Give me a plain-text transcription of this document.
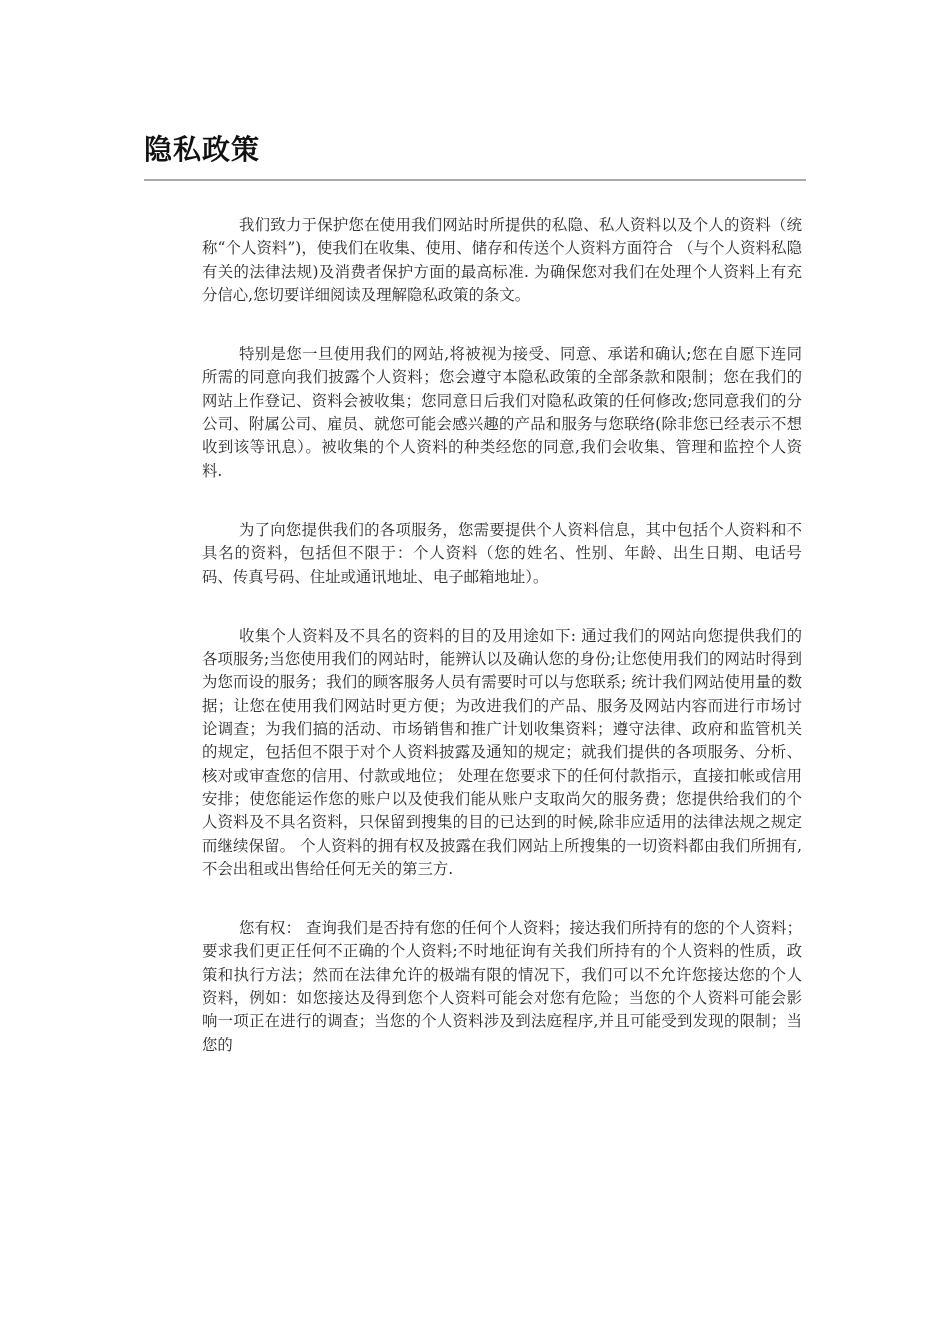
隐私政策

我们致力于保护您在使用我们网站时所提供的私隐、私人资料以及个人的资料（统称“个人资料”)，使我们在收集、使用、储存和传送个人资料方面符合 （与个人资料私隐有关的法律法规)及消费者保护方面的最高标准. 为确保您对我们在处理个人资料上有充分信心,您切要详细阅读及理解隐私政策的条文。

特别是您一旦使用我们的网站,将被视为接受、同意、承诺和确认;您在自愿下连同所需的同意向我们披露个人资料；您会遵守本隐私政策的全部条款和限制；您在我们的网站上作登记、资料会被收集；您同意日后我们对隐私政策的任何修改;您同意我们的分公司、附属公司、雇员、就您可能会感兴趣的产品和服务与您联络(除非您已经表示不想收到该等讯息）。被收集的个人资料的种类经您的同意,我们会收集、管理和监控个人资料.

为了向您提供我们的各项服务，您需要提供个人资料信息，其中包括个人资料和不具名的资料，包括但不限于：个人资料（您的姓名、性别、年龄、出生日期、电话号码、传真号码、住址或通讯地址、电子邮箱地址）。

收集个人资料及不具名的资料的目的及用途如下: 通过我们的网站向您提供我们的各项服务;当您使用我们的网站时，能辨认以及确认您的身份;让您使用我们的网站时得到为您而设的服务；我们的顾客服务人员有需要时可以与您联系; 统计我们网站使用量的数据；让您在使用我们网站时更方便；为改进我们的产品、服务及网站内容而进行市场讨论调查；为我们搞的活动、市场销售和推广计划收集资料；遵守法律、政府和监管机关的规定，包括但不限于对个人资料披露及通知的规定；就我们提供的各项服务、分析、核对或审查您的信用、付款或地位； 处理在您要求下的任何付款指示，直接扣帐或信用安排；使您能运作您的账户以及使我们能从账户支取尚欠的服务费；您提供给我们的个人资料及不具名资料，只保留到搜集的目的已达到的时候,除非应适用的法律法规之规定而继续保留。 个人资料的拥有权及披露在我们网站上所搜集的一切资料都由我们所拥有,不会出租或出售给任何无关的第三方.

您有权： 查询我们是否持有您的任何个人资料；接达我们所持有的您的个人资料；要求我们更正任何不正确的个人资料;不时地征询有关我们所持有的个人资料的性质，政策和执行方法；然而在法律允许的极端有限的情况下，我们可以不允许您接达您的个人资料，例如：如您接达及得到您个人资料可能会对您有危险；当您的个人资料可能会影响一项正在进行的调查；当您的个人资料涉及到法庭程序,并且可能受到发现的限制；当您的
